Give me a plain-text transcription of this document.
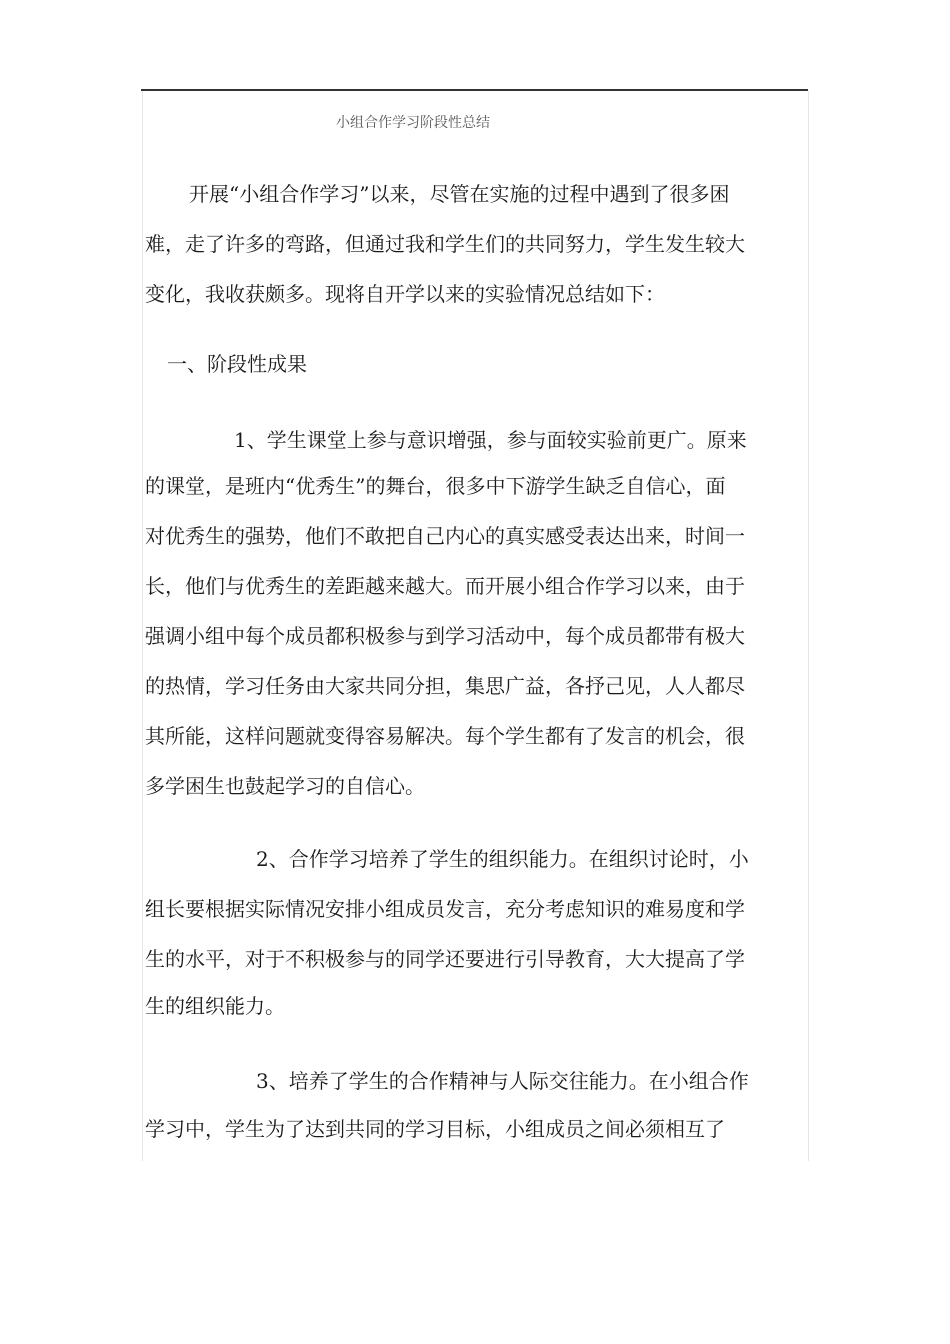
小组合作学习阶段性总结
开展“小组合作学习”以来，尽管在实施的过程中遇到了很多困
难，走了许多的弯路，但通过我和学生们的共同努力，学生发生较大
变化，我收获颇多。现将自开学以来的实验情况总结如下：
一、阶段性成果
1、学生课堂上参与意识增强，参与面较实验前更广。原来
的课堂，是班内“优秀生”的舞台，很多中下游学生缺乏自信心，面
对优秀生的强势，他们不敢把自己内心的真实感受表达出来，时间一
长，他们与优秀生的差距越来越大。而开展小组合作学习以来，由于
强调小组中每个成员都积极参与到学习活动中，每个成员都带有极大
的热情，学习任务由大家共同分担，集思广益，各抒己见，人人都尽
其所能，这样问题就变得容易解决。每个学生都有了发言的机会，很
多学困生也鼓起学习的自信心。
2、合作学习培养了学生的组织能力。在组织讨论时，小
组长要根据实际情况安排小组成员发言，充分考虑知识的难易度和学
生的水平，对于不积极参与的同学还要进行引导教育，大大提高了学
生的组织能力。
3、培养了学生的合作精神与人际交往能力。在小组合作
学习中，学生为了达到共同的学习目标，小组成员之间必须相互了
